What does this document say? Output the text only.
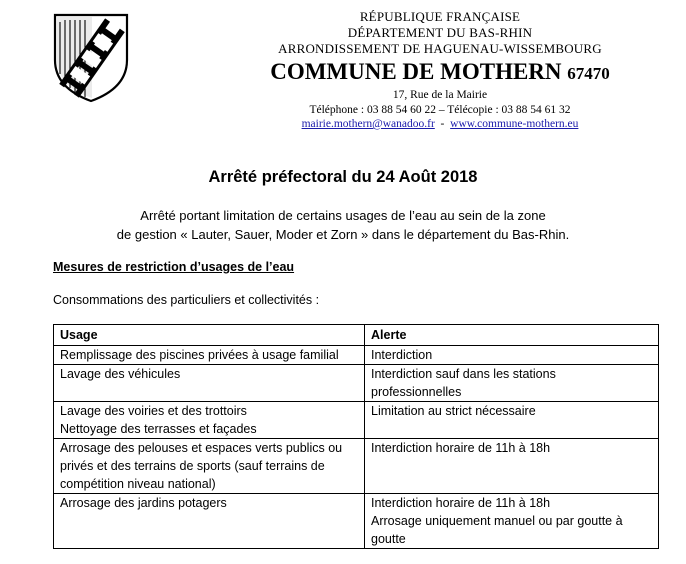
RÉPUBLIQUE FRANÇAISE
DÉPARTEMENT DU BAS-RHIN
ARRONDISSEMENT DE HAGUENAU-WISSEMBOURG
COMMUNE DE MOTHERN 67470
17, Rue de la Mairie
Téléphone : 03 88 54 60 22 – Télécopie : 03 88 54 61 32
mairie.mothern@wanadoo.fr - www.commune-mothern.eu
Arrêté préfectoral du 24 Août 2018
Arrêté portant limitation de certains usages de l’eau au sein de la zone
de gestion « Lauter, Sauer, Moder et Zorn » dans le département du Bas-Rhin.
Mesures de restriction d’usages de l’eau
Consommations des particuliers et collectivités :
Usage	Alerte

Remplissage des piscines privées à usage familial	Interdiction

Lavage des véhicules	Interdiction sauf dans les stations
professionnelles

Lavage des voiries et des trottoirs
Nettoyage des terrasses et façades	Limitation au strict nécessaire

Arrosage des pelouses et espaces verts publics ou
privés et des terrains de sports (sauf terrains de
compétition niveau national)	Interdiction horaire de 11h à 18h

Arrosage des jardins potagers	Interdiction horaire de 11h à 18h
Arrosage uniquement manuel ou par goutte à
goutte
